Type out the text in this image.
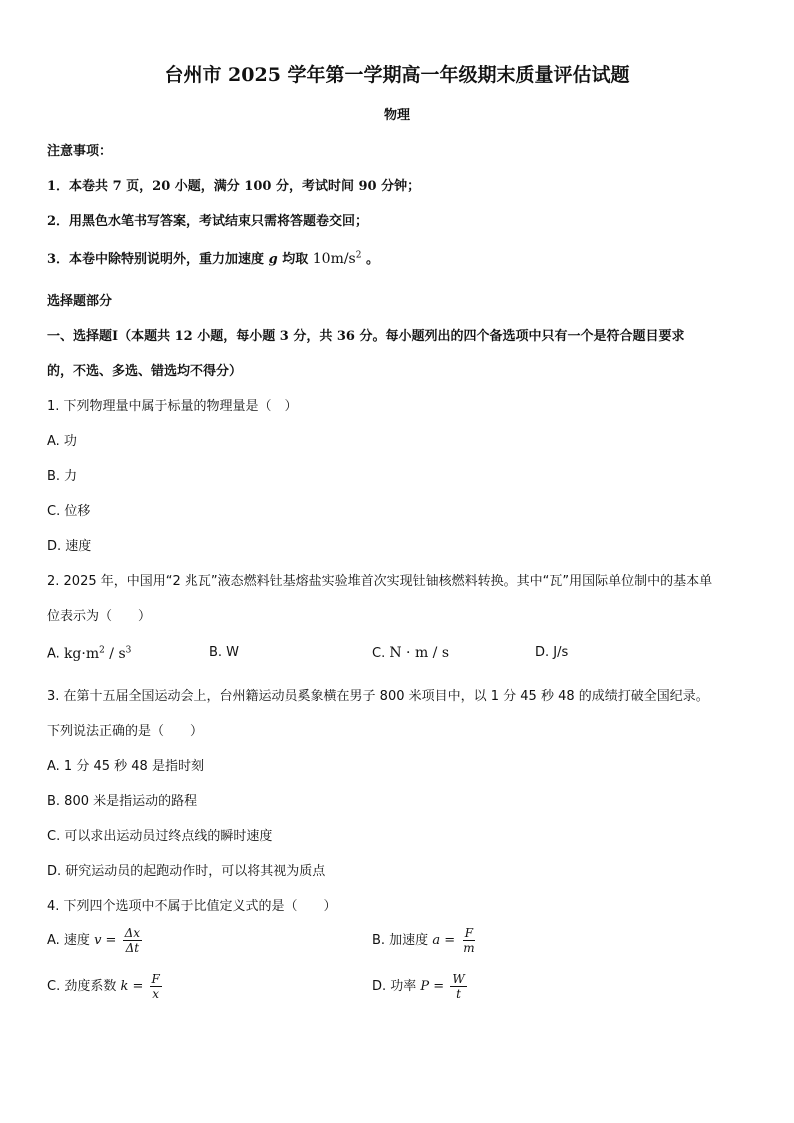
台州市 2025 学年第一学期高一年级期末质量评估试题
物理
注意事项：
1．本卷共 7 页，20 小题，满分 100 分，考试时间 90 分钟；
2．用黑色水笔书写答案，考试结束只需将答题卷交回；
3．本卷中除特别说明外，重力加速度 g 均取 $10m/s^2$ 。
选择题部分
一、选择题Ⅰ（本题共 12 小题，每小题 3 分，共 36 分。每小题列出的四个备选项中只有一个是符合题目要求
的，不选、多选、错选均不得分）
1. 下列物理量中属于标量的物理量是（　）
A. 功
B. 力
C. 位移
D. 速度
2. 2025 年，中国用“2 兆瓦”液态燃料钍基熔盐实验堆首次实现钍铀核燃料转换。其中“瓦”用国际单位制中的基本单
位表示为（　　）
A. $kg\cdot m^2 / s^3$	B. W	C. N · m / s	D. J/s
3. 在第十五届全国运动会上，台州籍运动员奚象横在男子 800 米项目中，以 1 分 45 秒 48 的成绩打破全国纪录。
下列说法正确的是（　　）
A. 1 分 45 秒 48 是指时刻
B. 800 米是指运动的路程
C. 可以求出运动员过终点线的瞬时速度
D. 研究运动员的起跑动作时，可以将其视为质点
4. 下列四个选项中不属于比值定义式的是（　　）
A. 速度 $v = \frac{\Delta x}{\Delta t}$	B. 加速度 $a = \frac{F}{m}$
C. 劲度系数 $k = \frac{F}{x}$	D. 功率 $P = \frac{W}{t}$
